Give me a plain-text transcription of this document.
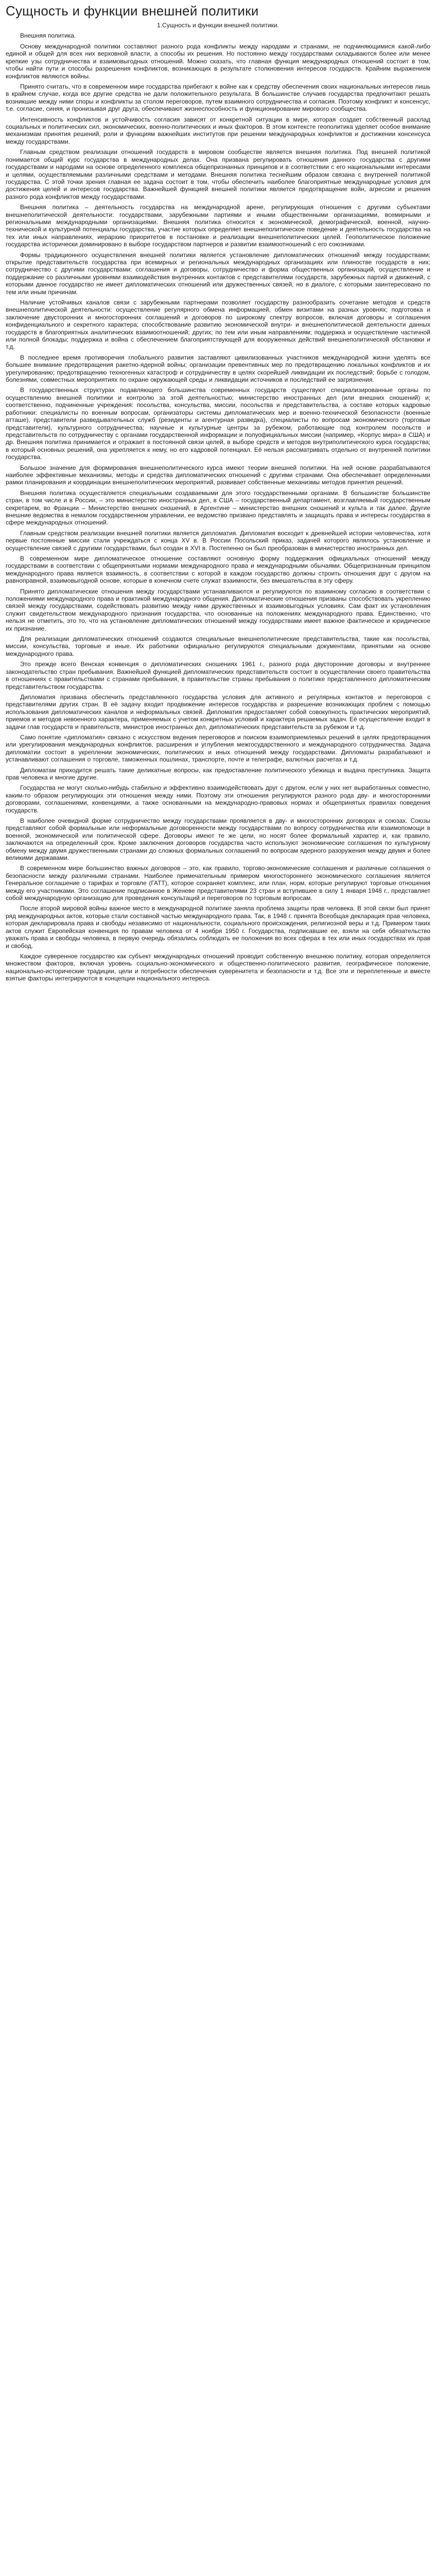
Сущность и функции внешней политики
1.Сущность и функции внешней политики.
Внешняя политика.

Основу международной политики составляют разного рода конфликты между народами и странами, не подчиняющимися какой-либо единой и общей для всех них верховной власти, а способы их решения. Но постоянно между государствами складываются более или менее крепкие узы сотрудничества и взаимовыгодных отношений. Можно сказать, что главная функция международных отношений состоит в том, чтобы найти пути и способы разрешения конфликтов, возникающих в результате столкновения интересов государств. Крайним выражением конфликтов являются войны.

Принято считать, что в современном мире государства прибегают к войне как к средству обеспечения своих национальных интересов лишь в крайнем случае, когда все другие средства не дали положительного результата. В большинстве случаев государства предпочитают решать возникшие между ними споры и конфликты за столом переговоров, путем взаимного сотрудничества и согласия. Поэтому конфликт и консенсус, т.е. согласие, синяя, и пронизывая друг друга, обеспечивают жизнеспособность и функционирование мирового сообщества.

Интенсивность конфликтов и устойчивость согласия зависят от конкретной ситуации в мире, которая создает собственный расклад социальных и политических сил, экономических, военно-политических и иных факторов. В этом контексте геополитика уделяет особое внимание механизмам принятия решений, роли и функциям важнейших институтов при решении международных конфликтов и достижении консенсуса между государствами.

Главным средством реализации отношений государств в мировом сообществе является внешняя политика. Под внешней политикой понимается общий курс государства в международных делах. Она призвана регулировать отношения данного государства с другими государствами и народами на основе определенного комплекса общепризнанных принципов и в соответствии с его национальными интересами и целями, осуществляемыми различными средствами и методами. Внешняя политика теснейшим образом связана с внутренней политикой государства. С этой точки зрения главная ее задача состоит в том, чтобы обеспечить наиболее благоприятные международные условия для достижения целей и интересов государства. Важнейшей функцией внешней политики является предотвращение войн, агрессии и решения разного рода конфликтов между государствами.

Внешняя политика – деятельность государства на международной арене, регулирующая отношения с другими субъектами внешнеполитической деятельности: государствами, зарубежными партиями и иными общественными организациями, всемирными и региональными международными организациями. Внешняя политика относится к экономической, демографической, военной, научно-технической и культурной потенциалы государства, участие которых определяет внешнеполитическое поведение и деятельность государства на тех или иных направлениях, иерархию приоритетов в постановке и реализации внешнеполитических целей. Геополитическое положение государства исторически доминировано в выборе государством партнеров и развитии взаимоотношений с его союзниками.

Формы традиционного осуществления внешней политики является установление дипломатических отношений между государствами; открытие представительств государства при всемирных и региональных международных организациях или плиностве государств в них; сотрудничество с другими государствами: соглашения и договоры, сотрудничество и форма общественных организаций, осуществление и поддержание со различными уровнями взаимодействия внутренних контактов с представителями государств, зарубежных партий и движений, с которыми данное государство не имеет дипломатических отношений или дружественных связей, но в диалоге, с которыми заинтересовано по тем или иным причинам.

Наличие устойчивых каналов связи с зарубежными партнерами позволяет государству разнообразить сочетание методов и средств внешнеполитической деятельности: осуществление регулярного обмена информацией, обмен визитами на разных уровнях; подготовка и заключение двусторонних и многосторонних соглашений и договоров по широкому спектру вопросов, включая договоры и соглашения конфиденциального и секретного характера; способствование развитию экономической внутри- и внешнеполитической деятельности данных государств в благоприятных аналитических взаимоотношений; других; по тем или иным направлениям; поддержка и осуществление частичной или полной блокады; поддержка и война с обеспечением благоприятствующей для вооруженных действий внешнеполитической обстановки и т.д.

В последнее время противоречия глобального развития заставляют цивилизованных участников международной жизни уделять все большее внимание предотвращения ракетно-ядерной войны; организации превентивных мер по предотвращению локальных конфликтов и их урегулированию; предотвращению техногенных катастроф и сотрудничеству в целях скорейшей ликвидации их последствий; борьбе с голодом, болезнями, совместных мероприятиях по охране окружающей среды и ликвидации источников и последствий ее загрязнения.

В государственных структурах подавляющего большинства современных государств существуют специализированные органы по осуществлению внешней политики и контролю за этой деятельностью; министерство иностранных дел (или внешних сношений) и; соответственно, подчиненные учреждения: посольства, консульства, миссии, посольства и представительства, а составе которых кадровые работники: специалисты по военным вопросам, организаторы системы дипломатических мер и военно-технической безопасности (военные атташе), представители разведывательных служб (резиденты и агентурная разведка), специалисты по вопросам экономического (торговые представители), культурного сотрудничества; научные и культурные центры за рубежом, работающие под контролем посольств и представительств по сотрудничеству с органами государственной информации и полуофициальных миссии (например, «Корпус мира» в США) и др. Внешняя политика принимается и отражает в постоянной связи целей, в выборе средств и методов внутриполитического курса государства; в который основных решений, она укрепляется к нему, но его кадровой потенциал. Её нельзя рассматривать отдельно от внутренней политики государства.

Большое значение для формирования внешнеполитического курса имеют теории внешней политики. На ней основе разрабатываются наиболее эффективные механизмы, методы и средства дипломатических отношений с другими странами. Она обеспечивает определенными рамки планирования и координации внешнеполитических мероприятий, развивает собственные механизмы методов принятия решений.

Внешняя политика осуществляется специальными создаваемыми для этого государственными органами. В большинстве большинстве стран, в том числе и в России, – это министерство иностранных дел, в США – государственный департамент, возглавляемый государственным секретарем, во Франции – Министерство внешних сношений, в Аргентине – министерство внешних сношений и культа и так далее. Другие внешние ведомства в немалом государственном управлении, ее ведомство призвано представлять и защищать права и интересы государства в сфере международных отношений.

Главным средством реализации внешней политики является дипломатия. Дипломатия восходит к древнейшей истории человечества, хотя первые постоянные миссии стали учреждаться с конца XV в. В России Посольский приказ, задачей которого являлось установление и осуществление связей с другими государствами, был создан в XVI в. Постепенно он был преобразован в министерство иностранных дел.

В современном мире дипломатическое отношение составляют основную форму поддержания официальных отношений между государствами в соответствии с общепринятыми нормами международного права и международными обычаями. Общепризнанным принципом международного права является взаимность, в соответствии с которой в каждом государство должны строить отношения друг с другом на равноправной, взаимовыгодной основе, которые в конечном счете служат взаимности, без вмешательства в эту сферу.

Принято дипломатические отношения между государствами устанавливаются и регулируются по взаимному согласию в соответствии с положениями международного права и практикой международного общения. Дипломатические отношения призваны способствовать укреплению связей между государствами, содействовать развитию между ними дружественных и взаимовыгодных условиях. Сам факт их установления служит свидетельством международного признания государства, что основанные на положениях международного права. Единственно, что нельзя не отметить, это то, что на установление дипломатических отношений между государствами имеет важное фактическое и юридическое их признание.

Для реализации дипломатических отношений создаются специальные внешнеполитические представительства, такие как посольства, миссии, консульства, торговые и иные. Их работники официально регулируются специальными документами, принятыми на основе международного права.

Это прежде всего Венская конвенция о дипломатических сношениях 1961 г., разного рода двусторонние договоры и внутреннее законодательство стран пребывания. Важнейшей функцией дипломатических представительств состоит в осуществлении своего правительства в отношениях с правительствами с странами пребывания, в правительстве страны пребывания о политике представленного дипломатическим представительством государства.

Дипломатия призвана обеспечить представленного государства условия для активного и регулярных контактов и переговоров с представителями других стран. В её задачу входит продвижение интересов государства и разрешение возникающих проблем с помощью использования дипломатических каналов и неформальных связей. Дипломатия предоставляет собой совокупность практических мероприятий, приемов и методов невоенного характера, применяемых с учетом конкретных условий и характера решаемых задач. Её осуществление входит в задачи глав государств и правительств, министров иностранных дел, дипломатических представительств за рубежом и т.д.

Само понятие «дипломатия» связано с искусством ведения переговоров и поиском взаимоприемлемых решений в целях предотвращения или урегулирования международных конфликтов, расширения и углубления межгосударственного и международного сотрудничества. Задача дипломатии состоит в укреплении экономических, политических и иных отношений между государствами. Дипломаты разрабатывают и устанавливают соглашения о торговле, таможенных пошлинах, транспорте, почте и телеграфе, валютных расчетах и т.д.

Дипломатам приходится решать такие деликатные вопросы, как предоставление политического убежища и выдача преступника. Защита прав человека и многие другие.

Государства не могут сколько-нибудь стабильно и эффективно взаимодействовать друг с другом, если у них нет выработанных совместно, каким-то образом регулирующих эти отношения между ними. Поэтому эти отношения регулируются разного рода дву- и многосторонними договорами, соглашениями, конвенциями, а также основанными на международно-правовых нормах и общепринятых правилах поведения государств.

В наиболее очевидной форме сотрудничество между государствами проявляется в дву- и многосторонних договорах и союзах. Союзы представляют собой формальные или неформальные договоренности между государствами по вопросу сотрудничества или взаимопомощи в военной, экономической или политической сфере. Договоры имеют те же цели, но носят более формальный характер и, как правило, заключаются на определенный срок. Кроме заключения договоров государства часто используют экономические соглашения по культурному обмену между двумя дружественными странами до сложных формальных соглашений по вопросам ядерного разоружения между двумя и более великими державами.

В современном мире большинство важных договоров – это, как правило, торгово-экономические соглашения и различные соглашения о безопасности между различными странами. Наиболее примечательным примером многостороннего экономического соглашения является Генеральное соглашение о тарифах и торговле (ГАТТ), которое сохраняет комплекс, или план, норм, которые регулируют торговые отношения между его участниками. Это соглашение подписанное в Женеве представителями 23 стран и вступившее в силу 1 января 1948 г., представляет собой международную организацию для проведения консультаций и переговоров по торговым вопросам.

После второй мировой войны важное место в международной политике заняла проблема защиты прав человека. В этой связи был принят ряд международных актов, которые стали составной частью международного права. Так, в 1948 г. принята Всеобщая декларация прав человека, которая декларировала права и свободы независимо от национальности, социального происхождения, религиозной веры и т.д. Примером таких актов служит Европейская конвенция по правам человека от 4 ноября 1950 г. Государства, подписавшие ее, взяли на себя обязательство уважать права и свободы человека, в первую очередь обязались соблюдать ее положения во всех сферах в тех или иных государствах их прав и свобод.

Каждое суверенное государство как субъект международных отношений проводит собственную внешнюю политику, которая определяется множеством факторов, включая уровень социально-экономического и общественно-политического развития, географическое положение, национально-исторические традиции, цели и потребности обеспечения суверенитета и безопасности и т.д. Все эти и переплетенные и вместе взятые факторы интегрируются в концепции национального интереса.
